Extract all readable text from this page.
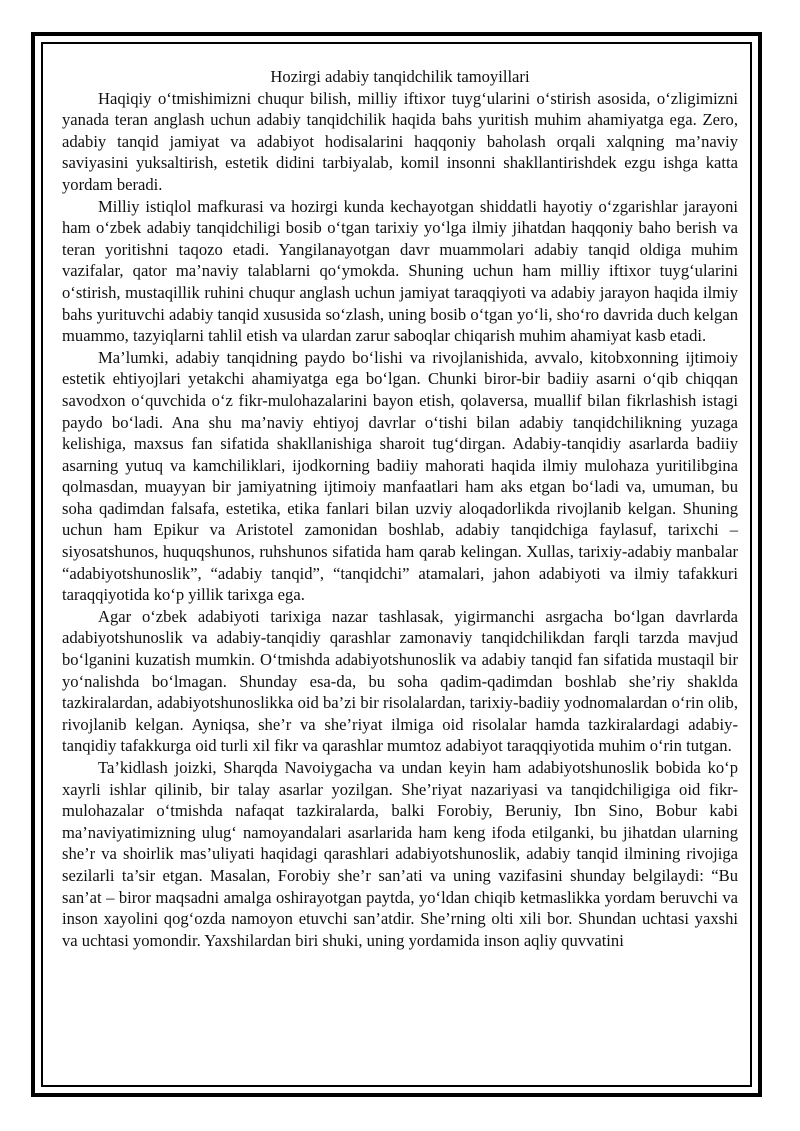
Hozirgi adabiy tanqidchilik tamoyillari

Haqiqiy o‘tmishimizni chuqur bilish, milliy iftixor tuyg‘ularini o‘stirish asosida, o‘zligimizni yanada teran anglash uchun adabiy tanqidchilik haqida bahs yuritish muhim ahamiyatga ega. Zero, adabiy tanqid jamiyat va adabiyot hodisalarini haqqoniy baholash orqali xalqning ma’naviy saviyasini yuksaltirish, estetik didini tarbiyalab, komil insonni shakllantirishdek ezgu ishga katta yordam beradi.

Milliy istiqlol mafkurasi va hozirgi kunda kechayotgan shiddatli hayotiy o‘zgarishlar jarayoni ham o‘zbek adabiy tanqidchiligi bosib o‘tgan tarixiy yo‘lga ilmiy jihatdan haqqoniy baho berish va teran yoritishni taqozo etadi. Yangilanayotgan davr muammolari adabiy tanqid oldiga muhim vazifalar, qator ma’naviy talablarni qo‘ymokda. Shuning uchun ham milliy iftixor tuyg‘ularini o‘stirish, mustaqillik ruhini chuqur anglash uchun jamiyat taraqqiyoti va adabiy jarayon haqida ilmiy bahs yurituvchi adabiy tanqid xususida so‘zlash, uning bosib o‘tgan yo‘li, sho‘ro davrida duch kelgan muammo, tazyiqlarni tahlil etish va ulardan zarur saboqlar chiqarish muhim ahamiyat kasb etadi.

Ma’lumki, adabiy tanqidning paydo bo‘lishi va rivojlanishida, avvalo, kitobxonning ijtimoiy estetik ehtiyojlari yetakchi ahamiyatga ega bo‘lgan. Chunki biror-bir badiiy asarni o‘qib chiqqan savodxon o‘quvchida o‘z fikr-mulohazalarini bayon etish, qolaversa, muallif bilan fikrlashish istagi paydo bo‘ladi. Ana shu ma’naviy ehtiyoj davrlar o‘tishi bilan adabiy tanqidchilikning yuzaga kelishiga, maxsus fan sifatida shakllanishiga sharoit tug‘dirgan. Adabiy-tanqidiy asarlarda badiiy asarning yutuq va kamchiliklari, ijodkorning badiiy mahorati haqida ilmiy mulohaza yuritilibgina qolmasdan, muayyan bir jamiyatning ijtimoiy manfaatlari ham aks etgan bo‘ladi va, umuman, bu soha qadimdan falsafa, estetika, etika fanlari bilan uzviy aloqadorlikda rivojlanib kelgan. Shuning uchun ham Epikur va Aristotel zamonidan boshlab, adabiy tanqidchiga faylasuf, tarixchi – siyosatshunos, huquqshunos, ruhshunos sifatida ham qarab kelingan. Xullas, tarixiy-adabiy manbalar “adabiyotshunoslik”, “adabiy tanqid”, “tanqidchi” atamalari, jahon adabiyoti va ilmiy tafakkuri taraqqiyotida ko‘p yillik tarixga ega.

Agar o‘zbek adabiyoti tarixiga nazar tashlasak, yigirmanchi asrgacha bo‘lgan davrlarda adabiyotshunoslik va adabiy-tanqidiy qarashlar zamonaviy tanqidchilikdan farqli tarzda mavjud bo‘lganini kuzatish mumkin. O‘tmishda adabiyotshunoslik va adabiy tanqid fan sifatida mustaqil bir yo‘nalishda bo‘lmagan. Shunday esa-da, bu soha qadim-qadimdan boshlab she’riy shaklda tazkiralardan, adabiyotshunoslikka oid ba’zi bir risolalardan, tarixiy-badiiy yodnomalardan o‘rin olib, rivojlanib kelgan. Ayniqsa, she’r va she’riyat ilmiga oid risolalar hamda tazkiralardagi adabiy-tanqidiy tafakkurga oid turli xil fikr va qarashlar mumtoz adabiyot taraqqiyotida muhim o‘rin tutgan.

Ta’kidlash joizki, Sharqda Navoiygacha va undan keyin ham adabiyotshunoslik bobida ko‘p xayrli ishlar qilinib, bir talay asarlar yozilgan. She’riyat nazariyasi va tanqidchiligiga oid fikr-mulohazalar o‘tmishda nafaqat tazkiralarda, balki Forobiy, Beruniy, Ibn Sino, Bobur kabi ma’naviyatimizning ulug‘ namoyandalari asarlarida ham keng ifoda etilganki, bu jihatdan ularning she’r va shoirlik mas’uliyati haqidagi qarashlari adabiyotshunoslik, adabiy tanqid ilmining rivojiga sezilarli ta’sir etgan. Masalan, Forobiy she’r san’ati va uning vazifasini shunday belgilaydi: “Bu san’at – biror maqsadni amalga oshirayotgan paytda, yo‘ldan chiqib ketmaslikka yordam beruvchi va inson xayolini qog‘ozda namoyon etuvchi san’atdir. She’rning olti xili bor. Shundan uchtasi yaxshi va uchtasi yomondir. Yaxshilardan biri shuki, uning yordamida inson aqliy quvvatini
